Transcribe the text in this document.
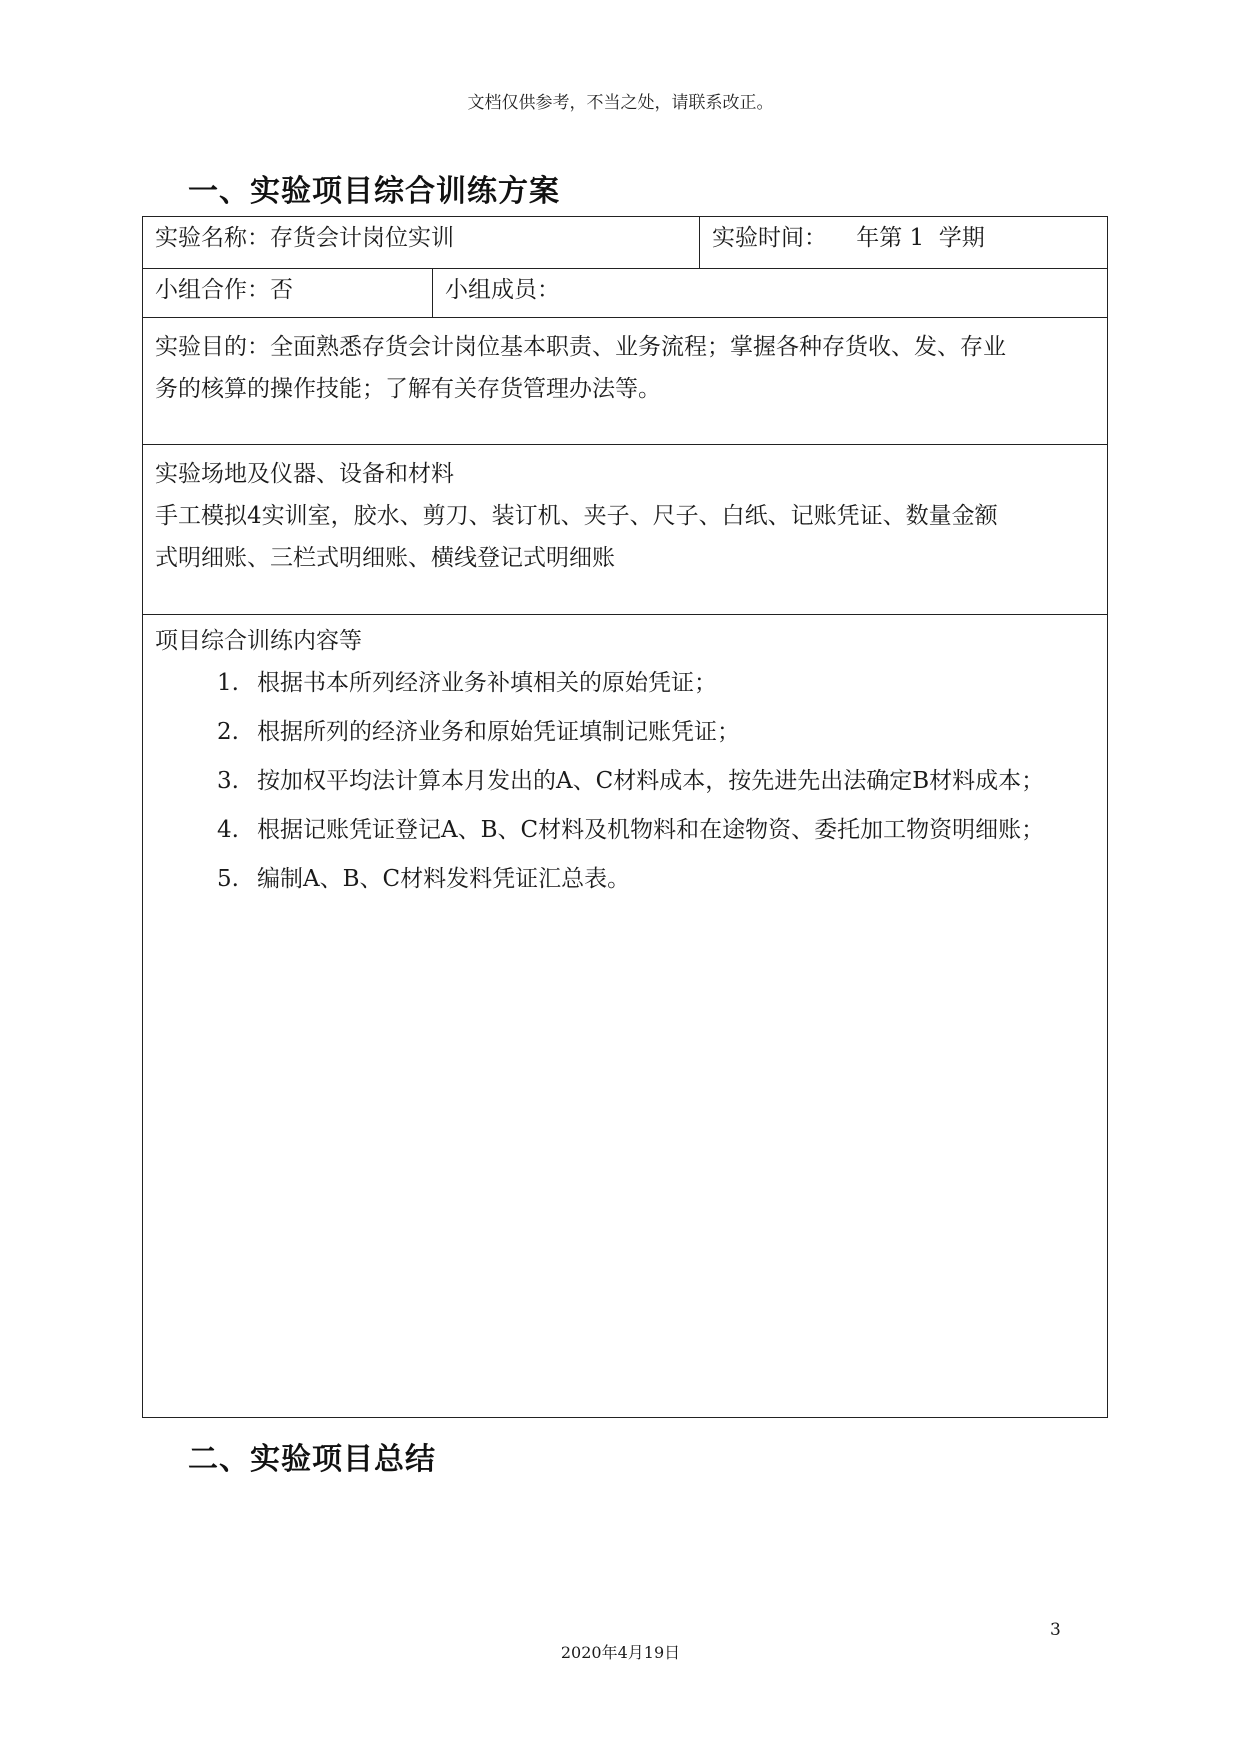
文档仅供参考，不当之处，请联系改正。
一、实验项目综合训练方案
实验名称：存货会计岗位实训	实验时间：    年第 1  学期
小组合作：否	小组成员：
实验目的：全面熟悉存货会计岗位基本职责、业务流程；掌握各种存货收、发、存业
务的核算的操作技能；了解有关存货管理办法等。
实验场地及仪器、设备和材料
手工模拟4实训室，胶水、剪刀、装订机、夹子、尺子、白纸、记账凭证、数量金额
式明细账、三栏式明细账、横线登记式明细账
项目综合训练内容等
1. 根据书本所列经济业务补填相关的原始凭证；
2. 根据所列的经济业务和原始凭证填制记账凭证；
3. 按加权平均法计算本月发出的A、C材料成本，按先进先出法确定B材料成本；
4. 根据记账凭证登记A、B、C材料及机物料和在途物资、委托加工物资明细账；
5. 编制A、B、C材料发料凭证汇总表。
二、实验项目总结
3
2020年4月19日
